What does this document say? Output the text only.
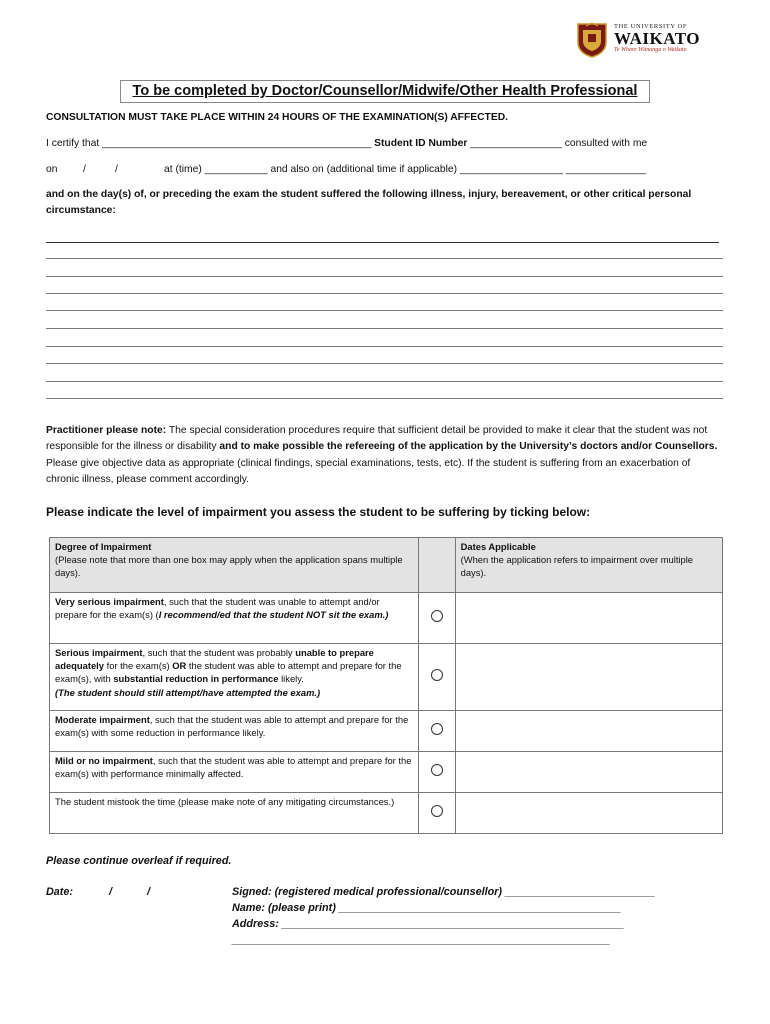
THE UNIVERSITY OF
WAIKATO
Te Whare Wānanga o Waikato
To be completed by Doctor/Counsellor/Midwife/Other Health Professional
CONSULTATION MUST TAKE PLACE WITHIN 24 HOURS OF THE EXAMINATION(S) AFFECTED.
I certify that _______________________________________________ Student ID Number ________________ consulted with me
on /	/	at (time) ___________ and also on (additional time if applicable) __________________ ______________
and on the day(s) of, or preceding the exam the student suffered the following illness, injury, bereavement, or other critical personal circumstance:
Practitioner please note: The special consideration procedures require that sufficient detail be provided to make it clear that the student was not responsible for the illness or disability and to make possible the refereeing of the application by the University’s doctors and/or Counsellors. Please give objective data as appropriate (clinical findings, special examinations, tests, etc). If the student is suffering from an exacerbation of chronic illness, please comment accordingly.
Please indicate the level of impairment you assess the student to be suffering by ticking below:
Degree of Impairment
(Please note that more than one box may apply when the application spans multiple days).		Dates Applicable
(When the application refers to impairment over multiple days).
Very serious impairment, such that the student was unable to attempt and/or prepare for the exam(s) (I recommend/ed that the student NOT sit the exam.)		
Serious impairment, such that the student was probably unable to prepare adequately for the exam(s) OR the student was able to attempt and prepare for the exam(s), with substantial reduction in performance likely.
(The student should still attempt/have attempted the exam.)		
Moderate impairment, such that the student was able to attempt and prepare for the exam(s) with some reduction in performance likely.		
Mild or no impairment, such that the student was able to attempt and prepare for the exam(s) with performance minimally affected.		
The student mistook the time (please make note of any mitigating circumstances.)		
Please continue overleaf if required.
Date:	/	/	Signed: (registered medical professional/counsellor) _________________________
Name: (please print) _______________________________________________
Address: _________________________________________________________
_______________________________________________________________
